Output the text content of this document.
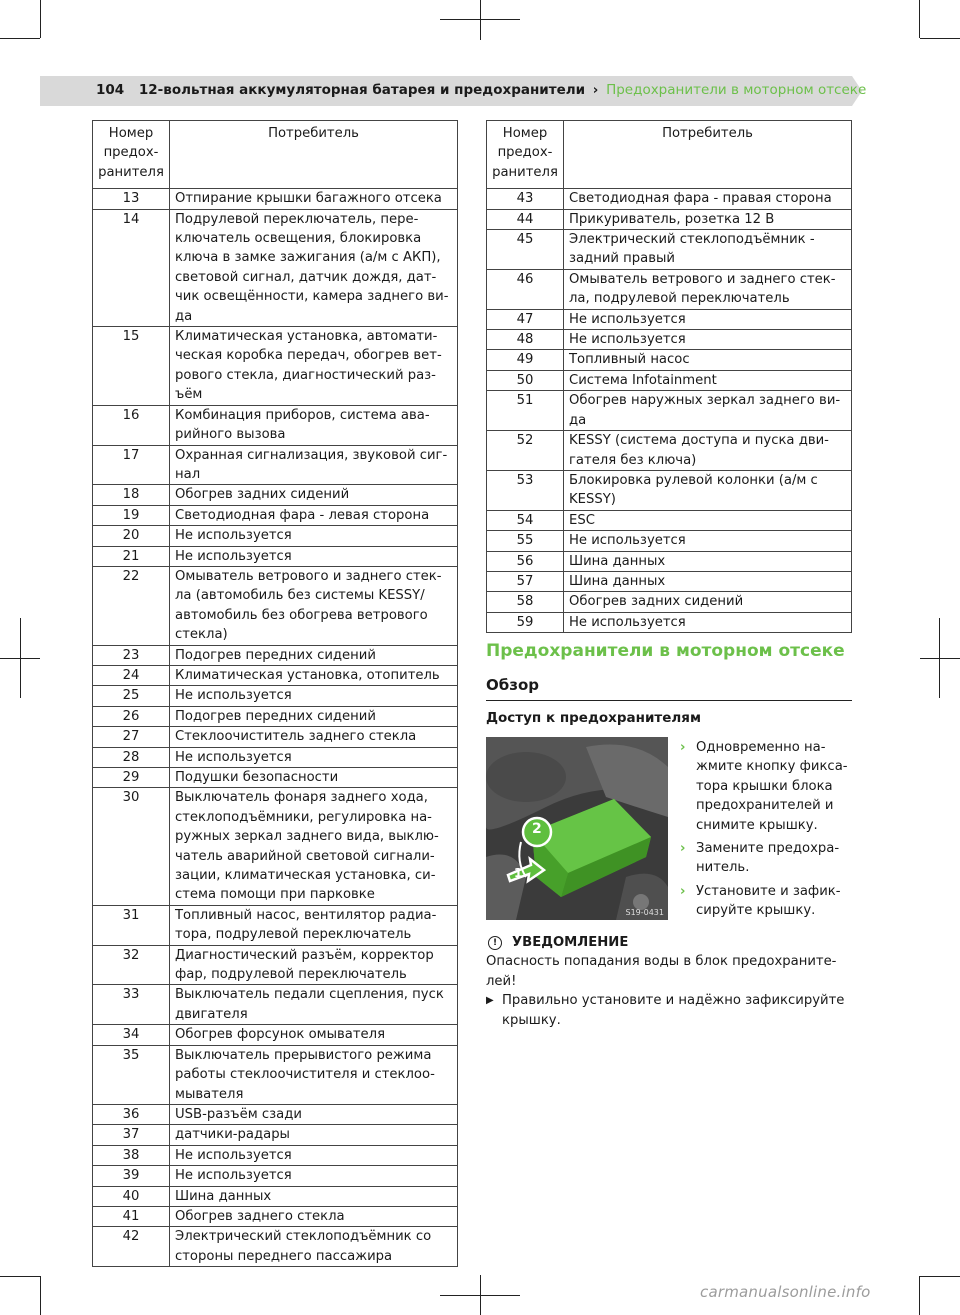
104 12-вольтная аккумуляторная батарея и предохранители › Предохранители в моторном отсеке
Номер предох-ранителя	Потребитель
13	Отпирание крышки багажного отсека
14	Подрулевой переключатель, пере-ключатель освещения, блокировка ключа в замке зажигания (а/м с АКП), световой сигнал, датчик дождя, дат-чик освещённости, камера заднего ви-да
15	Климатическая установка, автомати-ческая коробка передач, обогрев вет-рового стекла, диагностический раз-ъём
16	Комбинация приборов, система ава-рийного вызова
17	Охранная сигнализация, звуковой сиг-нал
18	Обогрев задних сидений
19	Светодиодная фара - левая сторона
20	Не используется
21	Не используется
22	Омыватель ветрового и заднего стек-ла (автомобиль без системы KESSY/ автомобиль без обогрева ветрового стекла)
23	Подогрев передних сидений
24	Климатическая установка, отопитель
25	Не используется
26	Подогрев передних сидений
27	Стеклоочиститель заднего стекла
28	Не используется
29	Подушки безопасности
30	Выключатель фонаря заднего хода, стеклоподъёмники, регулировка на-ружных зеркал заднего вида, выклю-чатель аварийной световой сигнали-зации, климатическая установка, си-стема помощи при парковке
31	Топливный насос, вентилятор радиа-тора, подрулевой переключатель
32	Диагностический разъём, корректор фар, подрулевой переключатель
33	Выключатель педали сцепления, пуск двигателя
34	Обогрев форсунок омывателя
35	Выключатель прерывистого режима работы стеклоочистителя и стеклоо-мывателя
36	USB-разъём сзади
37	датчики-радары
38	Не используется
39	Не используется
40	Шина данных
41	Обогрев заднего стекла
42	Электрический стеклоподъёмник со стороны переднего пассажира
Номер предох-ранителя	Потребитель
43	Светодиодная фара - правая сторона
44	Прикуриватель, розетка 12 В
45	Электрический стеклоподъёмник - задний правый
46	Омыватель ветрового и заднего стек-ла, подрулевой переключатель
47	Не используется
48	Не используется
49	Топливный насос
50	Система Infotainment
51	Обогрев наружных зеркал заднего ви-да
52	KESSY (система доступа и пуска дви-гателя без ключа)
53	Блокировка рулевой колонки (а/м с KESSY)
54	ESC
55	Не используется
56	Шина данных
57	Шина данных
58	Обогрев задних сидений
59	Не используется
Предохранители в моторном отсеке
Обзор
Доступ к предохранителям
2
1
S19-0431
› Одновременно на-жмите кнопку фикса-тора крышки блока предохранителей и снимите крышку.
› Замените предохра-нитель.
› Установите и зафик-сируйте крышку.
!	УВЕДОМЛЕНИЕ
Опасность попадания воды в блок предохраните-лей!
▶ Правильно установите и надёжно зафиксируйте крышку.
carmanualsonline.info
